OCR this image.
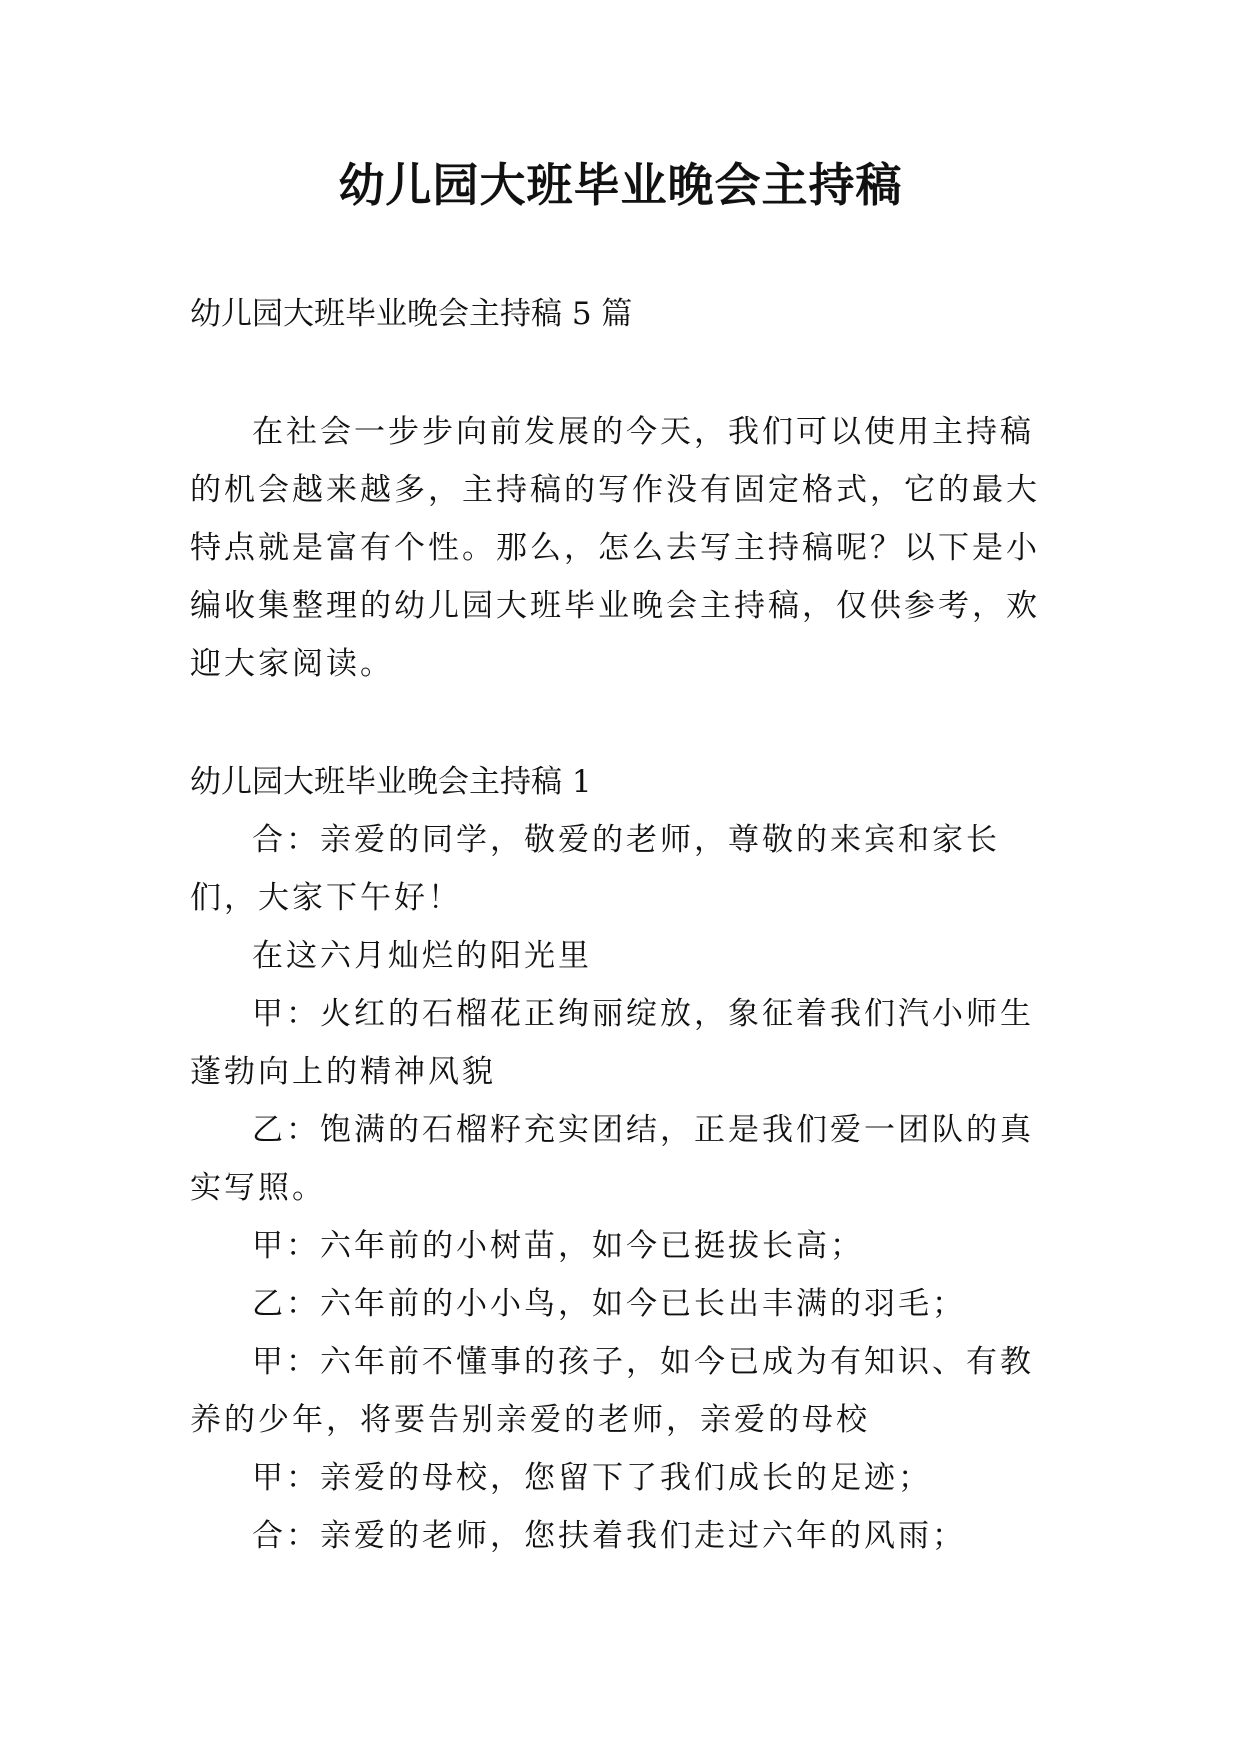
幼儿园大班毕业晚会主持稿

幼儿园大班毕业晚会主持稿 5 篇

在社会一步步向前发展的今天，我们可以使用主持稿的机会越来越多，主持稿的写作没有固定格式，它的最大特点就是富有个性。那么，怎么去写主持稿呢？以下是小编收集整理的幼儿园大班毕业晚会主持稿，仅供参考，欢迎大家阅读。

幼儿园大班毕业晚会主持稿 1

合：亲爱的同学，敬爱的老师，尊敬的来宾和家长们，大家下午好！

在这六月灿烂的阳光里

甲：火红的石榴花正绚丽绽放，象征着我们汽小师生蓬勃向上的精神风貌

乙：饱满的石榴籽充实团结，正是我们爱一团队的真实写照。

甲：六年前的小树苗，如今已挺拔长高；

乙：六年前的小小鸟，如今已长出丰满的羽毛；

甲：六年前不懂事的孩子，如今已成为有知识、有教养的少年，将要告别亲爱的老师，亲爱的母校

甲：亲爱的母校，您留下了我们成长的足迹；

合：亲爱的老师，您扶着我们走过六年的风雨；
